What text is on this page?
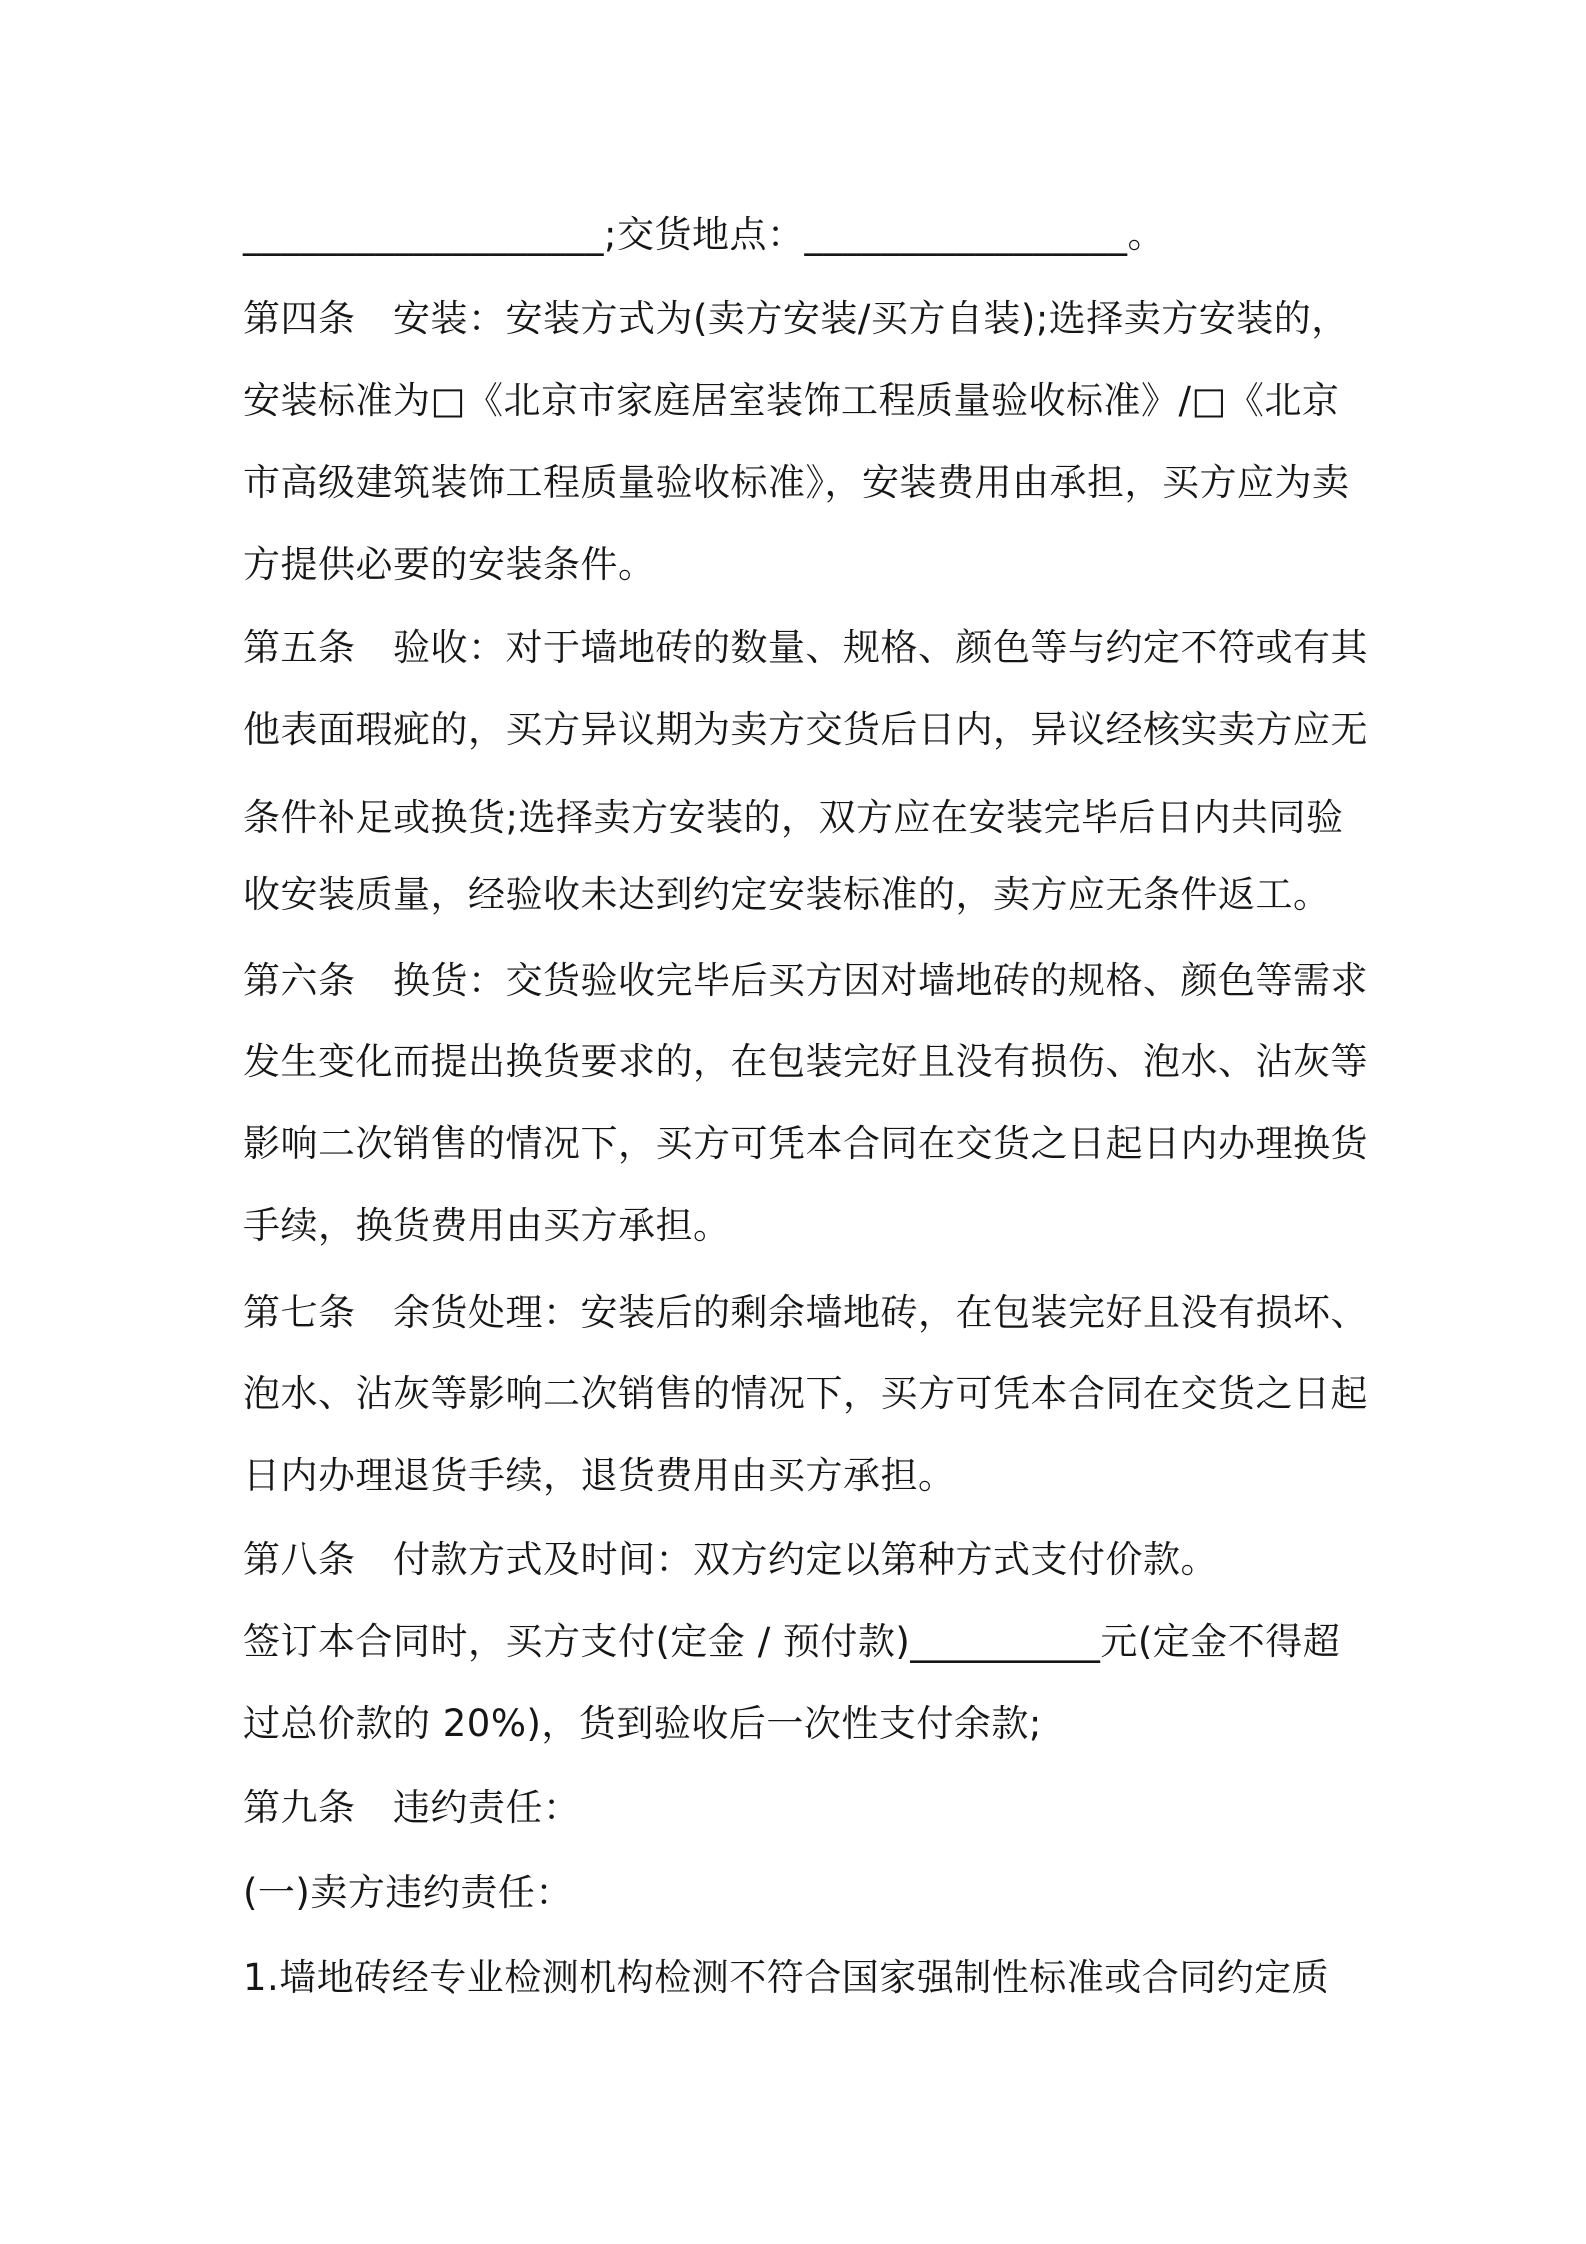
___________________;交货地点：_________________。
第四条　安装：安装方式为(卖方安装/买方自装);选择卖方安装的，
安装标准为□《北京市家庭居室装饰工程质量验收标准》/□《北京
市高级建筑装饰工程质量验收标准》，安装费用由承担，买方应为卖
方提供必要的安装条件。
第五条　验收：对于墙地砖的数量、规格、颜色等与约定不符或有其
他表面瑕疵的，买方异议期为卖方交货后日内，异议经核实卖方应无
条件补足或换货;选择卖方安装的，双方应在安装完毕后日内共同验
收安装质量，经验收未达到约定安装标准的，卖方应无条件返工。
第六条　换货：交货验收完毕后买方因对墙地砖的规格、颜色等需求
发生变化而提出换货要求的，在包装完好且没有损伤、泡水、沾灰等
影响二次销售的情况下，买方可凭本合同在交货之日起日内办理换货
手续，换货费用由买方承担。
第七条　余货处理：安装后的剩余墙地砖，在包装完好且没有损坏、
泡水、沾灰等影响二次销售的情况下，买方可凭本合同在交货之日起
日内办理退货手续，退货费用由买方承担。
第八条　付款方式及时间：双方约定以第种方式支付价款。
签订本合同时，买方支付(定金 / 预付款)__________元(定金不得超
过总价款的 20%)，货到验收后一次性支付余款;
第九条　违约责任：
(一)卖方违约责任：
1.墙地砖经专业检测机构检测不符合国家强制性标准或合同约定质
